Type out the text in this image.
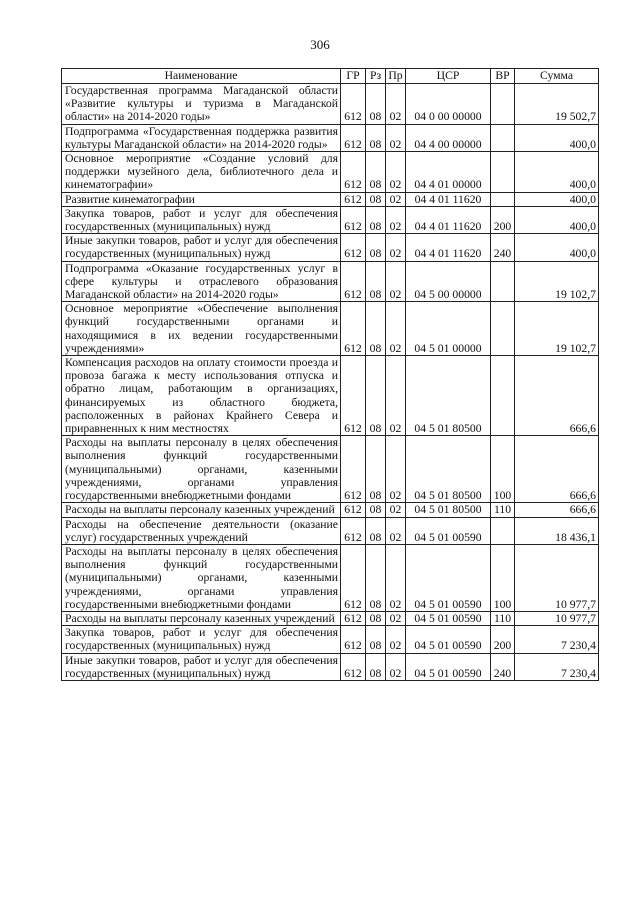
306
Наименование	ГР	Рз	Пр	ЦСР	ВР	Сумма
Государственная программа Магаданской области «Развитие культуры и туризма в Магаданской области» на 2014-2020 годы»	612	08	02	04 0 00 00000		19 502,7
Подпрограмма «Государственная поддержка развития культуры Магаданской области» на 2014-2020 годы»	612	08	02	04 4 00 00000		400,0
Основное мероприятие «Создание условий для поддержки музейного дела, библиотечного дела и кинематографии»	612	08	02	04 4 01 00000		400,0
Развитие кинематографии	612	08	02	04 4 01 11620		400,0
Закупка товаров, работ и услуг для обеспечения государственных (муниципальных) нужд	612	08	02	04 4 01 11620	200	400,0
Иные закупки товаров, работ и услуг для обеспечения государственных (муниципальных) нужд	612	08	02	04 4 01 11620	240	400,0
Подпрограмма «Оказание государственных услуг в сфере культуры и отраслевого образования Магаданской области» на 2014-2020 годы»	612	08	02	04 5 00 00000		19 102,7
Основное мероприятие «Обеспечение выполнения функций государственными органами и находящимися в их ведении государственными учреждениями»	612	08	02	04 5 01 00000		19 102,7
Компенсация расходов на оплату стоимости проезда и провоза багажа к месту использования отпуска и обратно лицам, работающим в организациях, финансируемых из областного бюджета, расположенных в районах Крайнего Севера и приравненных к ним местностях	612	08	02	04 5 01 80500		666,6
Расходы на выплаты персоналу в целях обеспечения выполнения функций государственными (муниципальными) органами, казенными учреждениями, органами управления государственными внебюджетными фондами	612	08	02	04 5 01 80500	100	666,6
Расходы на выплаты персоналу казенных учреждений	612	08	02	04 5 01 80500	110	666,6
Расходы на обеспечение деятельности (оказание услуг) государственных учреждений	612	08	02	04 5 01 00590		18 436,1
Расходы на выплаты персоналу в целях обеспечения выполнения функций государственными (муниципальными) органами, казенными учреждениями, органами управления государственными внебюджетными фондами	612	08	02	04 5 01 00590	100	10 977,7
Расходы на выплаты персоналу казенных учреждений	612	08	02	04 5 01 00590	110	10 977,7
Закупка товаров, работ и услуг для обеспечения государственных (муниципальных) нужд	612	08	02	04 5 01 00590	200	7 230,4
Иные закупки товаров, работ и услуг для обеспечения государственных (муниципальных) нужд	612	08	02	04 5 01 00590	240	7 230,4
